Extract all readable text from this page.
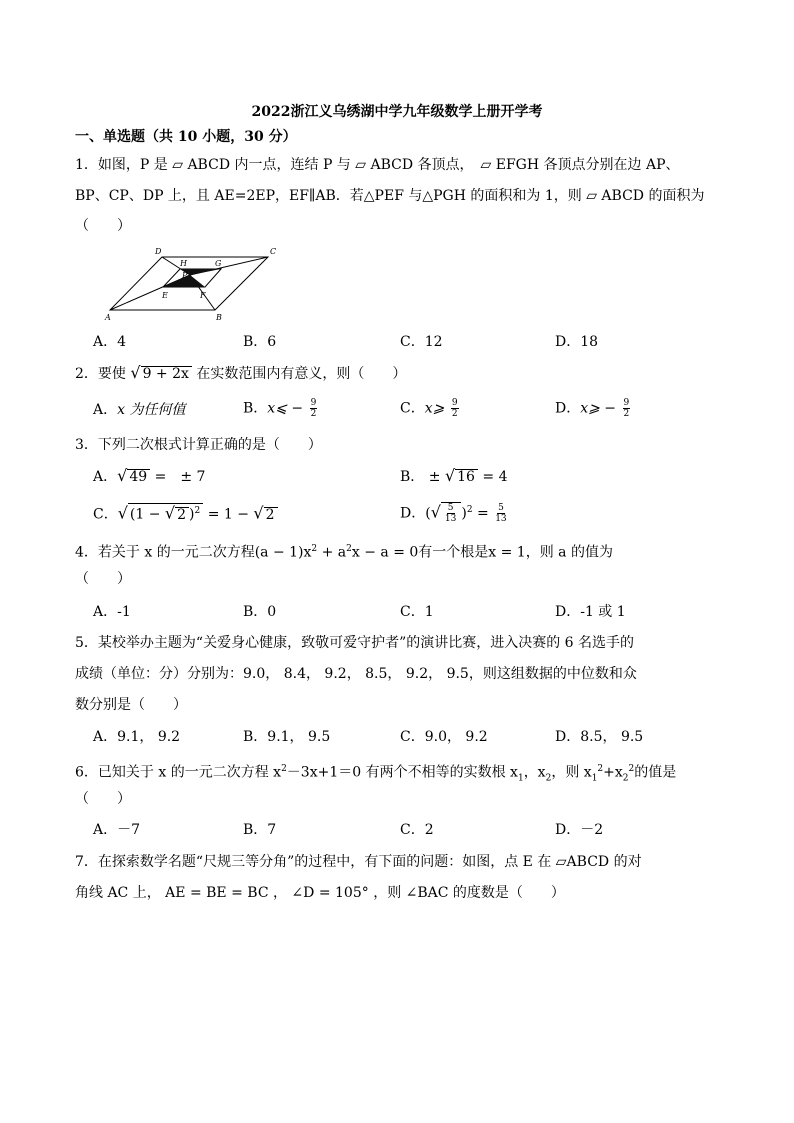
2022浙江义乌绣湖中学九年级数学上册开学考
一、单选题（共 10 小题，30 分）
1．如图，P 是 ▱ ABCD 内一点，连结 P 与 ▱ ABCD 各顶点，　▱ EFGH 各顶点分别在边 AP、
BP、CP、DP 上，且 AE=2EP，EF∥AB．若△PEF 与△PGH 的面积和为 1，则 ▱ ABCD 的面积为
（　　）
D	C
H	G
P
E	F
A	B
A．4	B．6	C．12	D．18
2．要使 √ 9 + 2x 在实数范围内有意义，则（　　）
A．x 为任何值	B．x⩽ − $\frac{9}{2}$	C．x⩾ $\frac{9}{2}$	D．x⩾ − $\frac{9}{2}$
3．下列二次根式计算正确的是（　　）
A．√ 49 =　± 7	B． ± √ 16 = 4
C．√ (1 − √ 2 )$^2$ = 1 − √ 2	D．(√ $\frac{5}{13} )^2 = \frac{5}{13}$
4．若关于 x 的一元二次方程$(a - 1)x^2 + a^2x - a = 0$有一个根是x = 1，则 a 的值为
（　　）
A．-1	B．0	C．1	D．-1 或 1
5．某校举办主题为“关爱身心健康，致敬可爱守护者”的演讲比赛，进入决赛的 6 名选手的
成绩（单位：分）分别为：9.0， 8.4， 9.2， 8.5， 9.2， 9.5，则这组数据的中位数和众
数分别是（　　）
A．9.1， 9.2	B．9.1， 9.5	C．9.0， 9.2	D．8.5， 9.5
6．已知关于 x 的一元二次方程 $x^2-3x+1=0$ 有两个不相等的实数根 $x_1$，$x_2$，则 $x_1^2+x_2^2$的值是
（　　）
A．－7	B．7	C．2	D．－2
7．在探索数学名题“尺规三等分角”的过程中，有下面的问题：如图，点 E 在 ▱ABCD 的对
角线 AC 上， AE = BE = BC ， ∠D = 105° ，则 ∠BAC 的度数是（　　）
